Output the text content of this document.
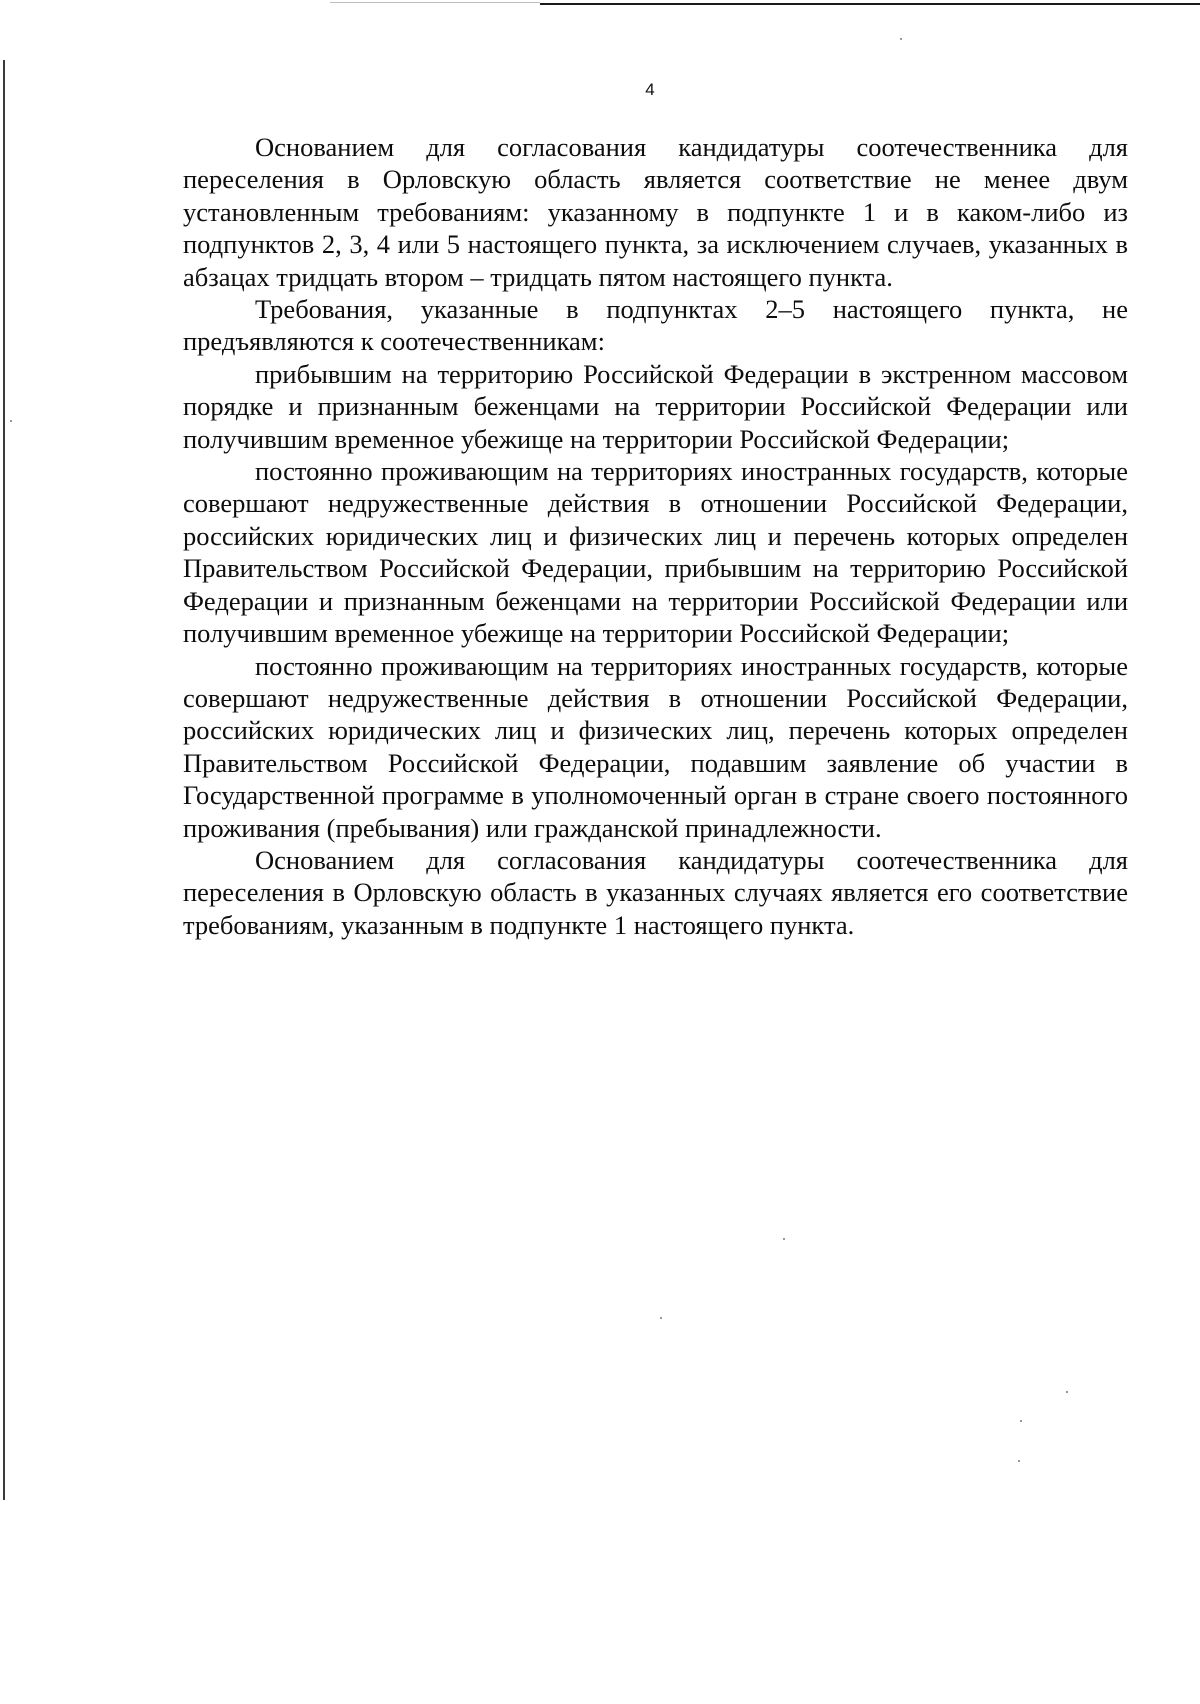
4

Основанием для согласования кандидатуры соотечественника для переселения в Орловскую область является соответствие не менее двум установленным требованиям: указанному в подпункте 1 и в каком-либо из подпунктов 2, 3, 4 или 5 настоящего пункта, за исключением случаев, указанных в абзацах тридцать втором – тридцать пятом настоящего пункта.

Требования, указанные в подпунктах 2–5 настоящего пункта, не предъявляются к соотечественникам:

прибывшим на территорию Российской Федерации в экстренном массовом порядке и признанным беженцами на территории Российской Федерации или получившим временное убежище на территории Российской Федерации;

постоянно проживающим на территориях иностранных государств, которые совершают недружественные действия в отношении Российской Федерации, российских юридических лиц и физических лиц и перечень которых определен Правительством Российской Федерации, прибывшим на территорию Российской Федерации и признанным беженцами на территории Российской Федерации или получившим временное убежище на территории Российской Федерации;

постоянно проживающим на территориях иностранных государств, которые совершают недружественные действия в отношении Российской Федерации, российских юридических лиц и физических лиц, перечень которых определен Правительством Российской Федерации, подавшим заявление об участии в Государственной программе в уполномоченный орган в стране своего постоянного проживания (пребывания) или гражданской принадлежности.

Основанием для согласования кандидатуры соотечественника для переселения в Орловскую область в указанных случаях является его соответствие требованиям, указанным в подпункте 1 настоящего пункта.
